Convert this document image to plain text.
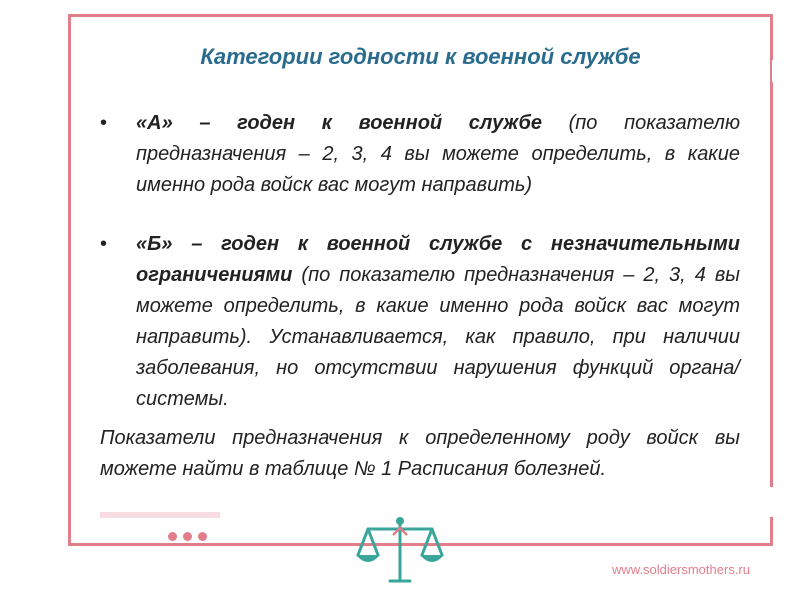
Категории годности к военной службе
• «А» – годен к военной службе (по показателю предназначения – 2, 3, 4 вы можете определить, в какие именно рода войск вас могут направить)
• «Б» – годен к военной службе с незначительными ограничениями (по показателю предназначения – 2, 3, 4 вы можете определить, в какие именно рода войск вас могут направить). Устанавливается, как правило, при наличии заболевания, но отсутствии нарушения функций органа/системы.
Показатели предназначения к определенному роду войск вы можете найти в таблице № 1 Расписания болезней.
www.soldiersmothers.ru
